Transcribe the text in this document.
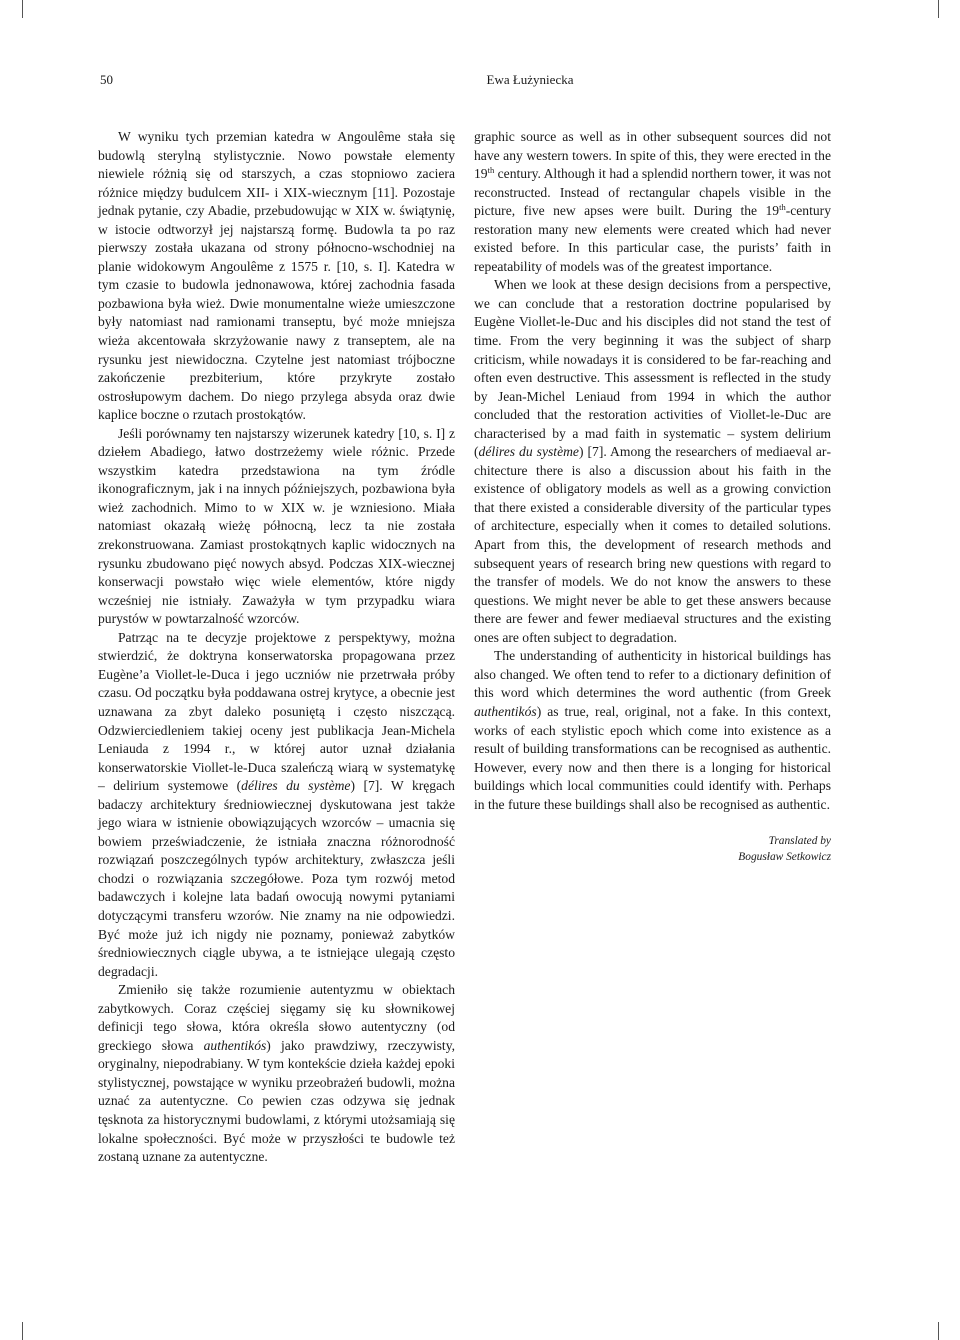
50	Ewa Łużyniecka

W wyniku tych przemian katedra w Angoulême stała się budowlą sterylną stylistycznie. Nowo powstałe elementy niewiele różnią się od starszych, a czas stopniowo zaciera różnice między budulcem XII- i XIX-wiecznym [11]. Pozostaje jednak pytanie, czy Abadie, przebudowując w XIX w. świątynię, w istocie odtworzył jej najstarszą formę. Budowla ta po raz pierwszy została ukazana od strony północno-wschodniej na planie widokowym Angoulême z 1575 r. [10, s. I]. Katedra w tym czasie to budowla jednonawowa, której zachodnia fasada pozbawiona była wież. Dwie monumentalne wieże umieszczone były natomiast nad ramionami transeptu, być może mniejsza wieża akcentowała skrzyżowanie nawy z transeptem, ale na rysunku jest niewidoczna. Czytelne jest natomiast trójboczne zakończenie prezbiterium, które przykryte zostało ostrosłupowym dachem. Do niego przylega absyda oraz dwie kaplice boczne o rzutach prostokątów.

Jeśli porównamy ten najstarszy wizerunek katedry [10, s. I] z dziełem Abadiego, łatwo dostrzeżemy wiele różnic. Przede wszystkim katedra przedstawiona na tym źródle ikonograficznym, jak i na innych późniejszych, pozbawiona była wież zachodnich. Mimo to w XIX w. je wzniesiono. Miała natomiast okazałą wieżę północną, lecz ta nie została zrekonstruowana. Zamiast prostokątnych kaplic widocznych na rysunku zbudowano pięć nowych absyd. Podczas XIX-wiecznej konserwacji powstało więc wiele elementów, które nigdy wcześniej nie istniały. Zaważyła w tym przypadku wiara purystów w powtarzalność wzorców.

Patrząc na te decyzje projektowe z perspektywy, można stwierdzić, że doktryna konserwatorska propagowana przez Eugène’a Viollet-le-Duca i jego uczniów nie przetrwała próby czasu. Od początku była poddawana ostrej krytyce, a obecnie jest uznawana za zbyt daleko posuniętą i często niszczącą. Odzwierciedleniem takiej oceny jest publikacja Jean-Michela Leniauda z 1994 r., w której autor uznał działania konserwatorskie Viollet-le-Duca szaleńczą wiarą w systematykę – delirium systemowe (délires du système) [7]. W kręgach badaczy architektury średniowiecznej dyskutowana jest także jego wiara w istnienie obowiązujących wzorców – umacnia się bowiem przeświadczenie, że istniała znaczna różnorodność rozwiązań poszczególnych typów architektury, zwłaszcza jeśli chodzi o rozwiązania szczegółowe. Poza tym rozwój metod badawczych i kolejne lata badań owocują nowymi pytaniami dotyczącymi transferu wzorów. Nie znamy na nie odpowiedzi. Być może już ich nigdy nie poznamy, ponieważ zabytków średniowiecznych ciągle ubywa, a te istniejące ulegają często degradacji.

Zmieniło się także rozumienie autentyzmu w obiektach zabytkowych. Coraz częściej sięgamy się ku słownikowej definicji tego słowa, która określa słowo autentyczny (od greckiego słowa authentikós) jako prawdziwy, rzeczywisty, oryginalny, niepodrabiany. W tym kontekście dzieła każdej epoki stylistycznej, powstające w wyniku przeobrażeń budowli, można uznać za autentyczne. Co pewien czas odzywa się jednak tęsknota za historycznymi budowlami, z którymi utożsamiają się lokalne społeczności. Być może w przyszłości te budowle też zostaną uznane za autentyczne.

graphic source as well as in other subsequent sources did not have any western towers. In spite of this, they were erected in the 19th century. Although it had a splendid northern tower, it was not reconstructed. Instead of rectangular chapels visible in the picture, five new apses were built. During the 19th-century restoration many new elements were created which had never existed before. In this particular case, the purists’ faith in repeatability of models was of the greatest importance.

When we look at these design decisions from a perspective, we can conclude that a restoration doctrine popularised by Eugène Viollet-le-Duc and his disciples did not stand the test of time. From the very beginning it was the subject of sharp criticism, while nowadays it is considered to be far-reaching and often even destructive. This assessment is reflected in the study by Jean-Michel Leniaud from 1994 in which the author concluded that the restoration activities of Viollet-le-Duc are characterised by a mad faith in systematic – system delirium (délires du système) [7]. Among the researchers of mediaeval architecture there is also a discussion about his faith in the existence of obligatory models as well as a growing conviction that there existed a considerable diversity of the particular types of architecture, especially when it comes to detailed solutions. Apart from this, the development of research methods and subsequent years of research bring new questions with regard to the transfer of models. We do not know the answers to these questions. We might never be able to get these answers because there are fewer and fewer mediaeval structures and the existing ones are often subject to degradation.

The understanding of authenticity in historical buildings has also changed. We often tend to refer to a dictionary definition of this word which determines the word authentic (from Greek authentikós) as true, real, original, not a fake. In this context, works of each stylistic epoch which come into existence as a result of building transformations can be recognised as authentic. However, every now and then there is a longing for historical buildings which local communities could identify with. Perhaps in the future these buildings shall also be recognised as authentic.

Translated by
Bogusław Setkowicz
